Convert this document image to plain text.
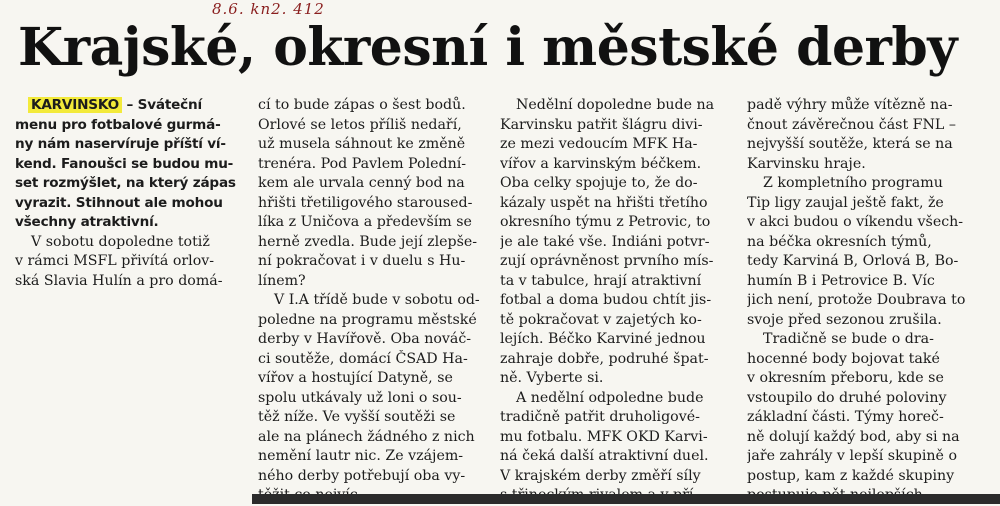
8.6. kn2. 412
Krajské, okresní i městské derby
KARVINSKO – Sváteční
menu pro fotbalové gurmá-
ny nám naservíruje příští ví-
kend. Fanoušci se budou mu-
set rozmýšlet, na který zápas
vyrazit. Stihnout ale mohou
všechny atraktivní.
V sobotu dopoledne totiž
v rámci MSFL přivítá orlov-
ská Slavia Hulín a pro domá-
cí to bude zápas o šest bodů.
Orlové se letos příliš nedaří,
už musela sáhnout ke změně
trenéra. Pod Pavlem Polední-
kem ale urvala cenný bod na
hřišti třetiligového staroused-
líka z Uničova a především se
herně zvedla. Bude její zlepše-
ní pokračovat i v duelu s Hu-
línem?
V I.A třídě bude v sobotu od-
poledne na programu městské
derby v Havířově. Oba nováč-
ci soutěže, domácí ČSAD Ha-
vířov a hostující Datyně, se
spolu utkávaly už loni o sou-
těž níže. Ve vyšší soutěži se
ale na plánech žádného z nich
nemění lautr nic. Ze vzájem-
ného derby potřebují oba vy-
Nedělní dopoledne bude na
Karvinsku patřit šlágru divi-
ze mezi vedoucím MFK Ha-
vířov a karvinským béčkem.
Oba celky spojuje to, že do-
kázaly uspět na hřišti třetího
okresního týmu z Petrovic, to
je ale také vše. Indiáni potvr-
zují oprávněnost prvního mís-
ta v tabulce, hrají atraktivní
fotbal a doma budou chtít jis-
tě pokračovat v zajetých ko-
lejích. Béčko Karviné jednou
zahraje dobře, podruhé špat-
ně. Vyberte si.
A nedělní odpoledne bude
tradičně patřit druholigové-
mu fotbalu. MFK OKD Karvi-
ná čeká další atraktivní duel.
V krajském derby změří síly
padě výhry může vítězně na-
čnout závěrečnou část FNL –
nejvyšší soutěže, která se na
Karvinsku hraje.
Z kompletního programu
Tip ligy zaujal ještě fakt, že
v akci budou o víkendu všech-
na béčka okresních týmů,
tedy Karviná B, Orlová B, Bo-
humín B i Petrovice B. Víc
jich není, protože Doubrava to
svoje před sezonou zrušila.
Tradičně se bude o dra-
hocenné body bojovat také
v okresním přeboru, kde se
vstoupilo do druhé poloviny
základní části. Týmy horeč-
ně dolují každý bod, aby si na
jaře zahrály v lepší skupině o
postup, kam z každé skupiny
